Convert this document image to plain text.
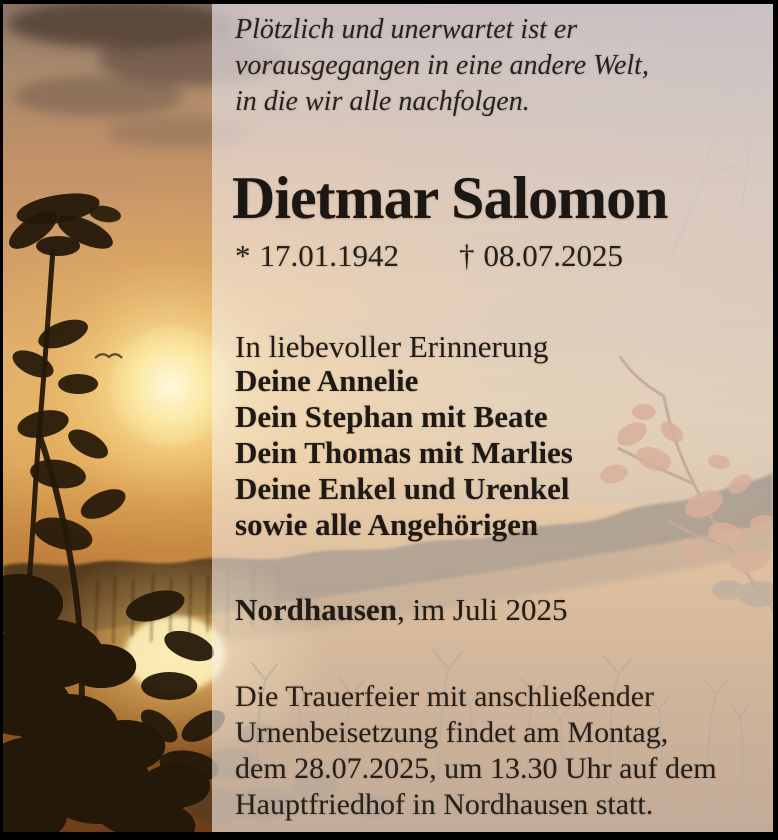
Plötzlich und unerwartet ist er
vorausgegangen in eine andere Welt,
in die wir alle nachfolgen.
Dietmar Salomon
* 17.01.1942 † 08.07.2025
In liebevoller Erinnerung
Deine Annelie
Dein Stephan mit Beate
Dein Thomas mit Marlies
Deine Enkel und Urenkel
sowie alle Angehörigen
Nordhausen, im Juli 2025
Die Trauerfeier mit anschließender
Urnenbeisetzung findet am Montag,
dem 28.07.2025, um 13.30 Uhr auf dem
Hauptfriedhof in Nordhausen statt.
